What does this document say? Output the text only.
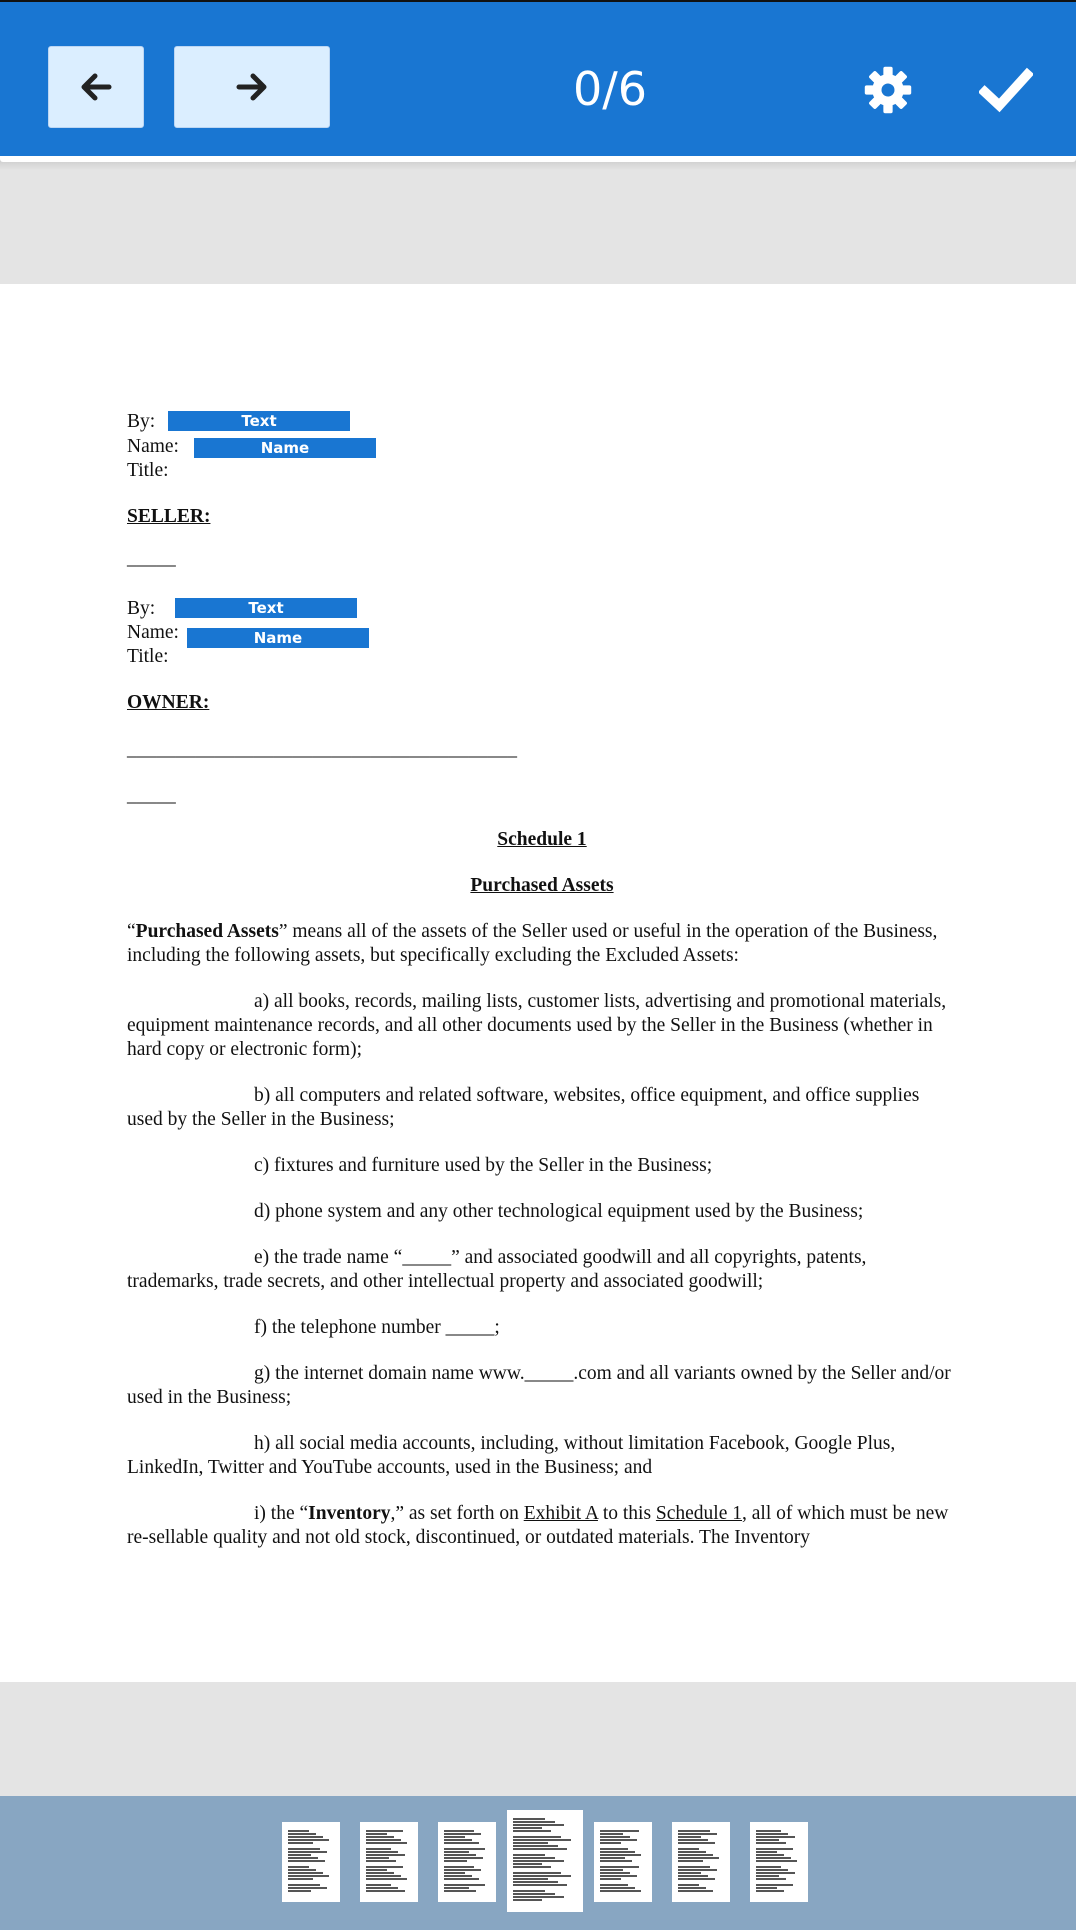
0/6
By:	Text
Name:	Name
Title:
SELLER:
_____
By:	Text
Name:	Name
Title:
OWNER:
________________________________________
_____

Schedule 1

Purchased Assets

“Purchased Assets” means all of the assets of the Seller used or useful in the operation of the Business, including the following assets, but specifically excluding the Excluded Assets:

a) all books, records, mailing lists, customer lists, advertising and promotional materials, equipment maintenance records, and all other documents used by the Seller in the Business (whether in hard copy or electronic form);

b) all computers and related software, websites, office equipment, and office supplies used by the Seller in the Business;

c) fixtures and furniture used by the Seller in the Business;

d) phone system and any other technological equipment used by the Business;

e) the trade name “_____” and associated goodwill and all copyrights, patents, trademarks, trade secrets, and other intellectual property and associated goodwill;

f) the telephone number _____;

g) the internet domain name www._____.com and all variants owned by the Seller and/or used in the Business;

h) all social media accounts, including, without limitation Facebook, Google Plus, LinkedIn, Twitter and YouTube accounts, used in the Business; and

i) the “Inventory,” as set forth on Exhibit A to this Schedule 1, all of which must be new re-sellable quality and not old stock, discontinued, or outdated materials. The Inventory
